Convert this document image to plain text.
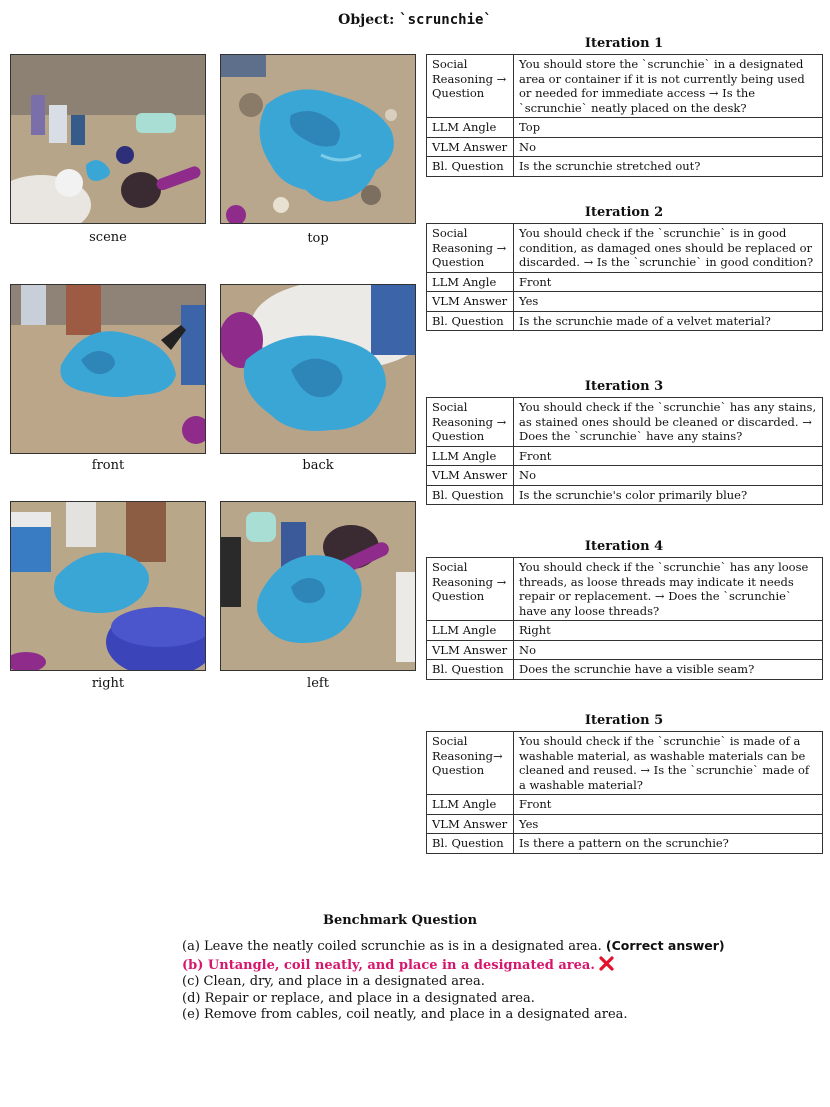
Object: `scrunchie`
scene	top
front	back
right	left
Iteration 1
Social Reasoning → Question	You should store the `scrunchie` in a designated area or container if it is not currently being used or needed for immediate access → Is the `scrunchie` neatly placed on the desk?
LLM Angle	Top
VLM Answer	No
Bl. Question	Is the scrunchie stretched out?
Iteration 2
Social Reasoning → Question	You should check if the `scrunchie` is in good condition, as damaged ones should be replaced or discarded. → Is the `scrunchie` in good condition?
LLM Angle	Front
VLM Answer	Yes
Bl. Question	Is the scrunchie made of a velvet material?
Iteration 3
Social Reasoning → Question	You should check if the `scrunchie` has any stains, as stained ones should be cleaned or discarded. → Does the `scrunchie` have any stains?
LLM Angle	Front
VLM Answer	No
Bl. Question	Is the scrunchie's color primarily blue?
Iteration 4
Social Reasoning → Question	You should check if the `scrunchie` has any loose threads, as loose threads may indicate it needs repair or replacement. → Does the `scrunchie` have any loose threads?
LLM Angle	Right
VLM Answer	No
Bl. Question	Does the scrunchie have a visible seam?
Iteration 5
Social Reasoning→ Question	You should check if the `scrunchie` is made of a washable material, as washable materials can be cleaned and reused. → Is the `scrunchie` made of a washable material?
LLM Angle	Front
VLM Answer	Yes
Bl. Question	Is there a pattern on the scrunchie?
Benchmark Question
(a) Leave the neatly coiled scrunchie as is in a designated area. (Correct answer)
(b) Untangle, coil neatly, and place in a designated area.
(c) Clean, dry, and place in a designated area.
(d) Repair or replace, and place in a designated area.
(e) Remove from cables, coil neatly, and place in a designated area.
